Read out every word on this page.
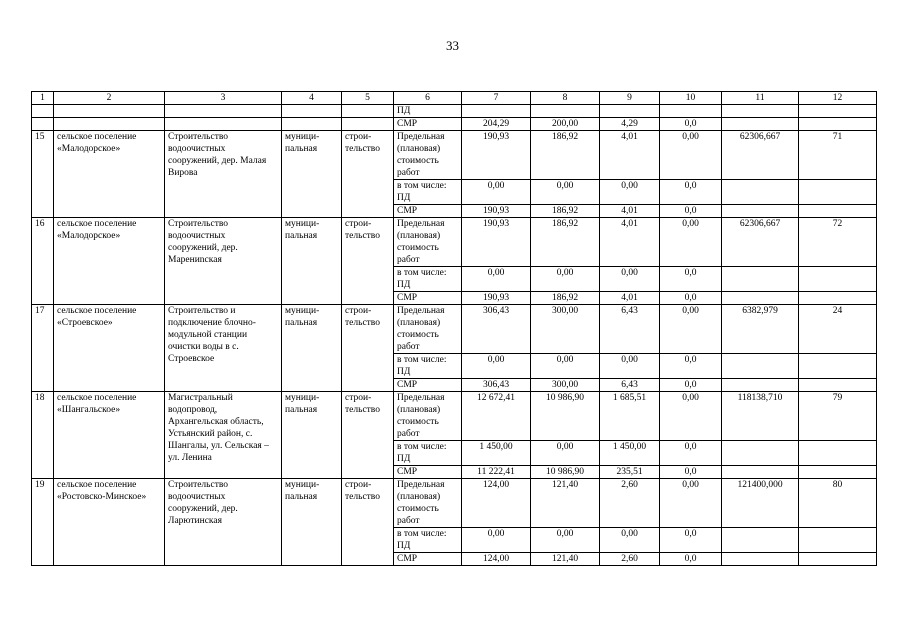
33
1	2	3	4	5	6	7	8	9	10	11	12
					ПД						
					СМР	204,29	200,00	4,29	0,0		
15	сельское поселение «Малодорское»	Строительство водоочистных сооружений, дер. Малая Вирова	муници-пальная	строи-тельство	Предельная (плановая) стоимость работ	190,93	186,92	4,01	0,00	62306,667	71
					в том числе: ПД	0,00	0,00	0,00	0,0		
					СМР	190,93	186,92	4,01	0,0		
16	сельское поселение «Малодорское»	Строительство водоочистных сооружений, дер. Марениnская	муници-пальная	строи-тельство	Предельная (плановая) стоимость работ	190,93	186,92	4,01	0,00	62306,667	72
					в том числе: ПД	0,00	0,00	0,00	0,0		
					СМР	190,93	186,92	4,01	0,0		
17	сельское поселение «Строевское»	Строительство и подключение блочно-модульной станции очистки воды в с. Строевское	муници-пальная	строи-тельство	Предельная (плановая) стоимость работ	306,43	300,00	6,43	0,00	6382,979	24
					в том числе: ПД	0,00	0,00	0,00	0,0		
					СМР	306,43	300,00	6,43	0,0		
18	сельское поселение «Шангальское»	Магистральный водопровод, Архангельская область, Устьянский район, с. Шангалы, ул. Сельская – ул. Ленина	муници-пальная	строи-тельство	Предельная (плановая) стоимость работ	12 672,41	10 986,90	1 685,51	0,00	118138,710	79
					в том числе: ПД	1 450,00	0,00	1 450,00	0,0		
					СМР	11 222,41	10 986,90	235,51	0,0		
19	сельское поселение «Ростовско-Минское»	Строительство водоочистных сооружений, дер. Ларютинская	муници-пальная	строи-тельство	Предельная (плановая) стоимость работ	124,00	121,40	2,60	0,00	121400,000	80
					в том числе: ПД	0,00	0,00	0,00	0,0		
					СМР	124,00	121,40	2,60	0,0		
